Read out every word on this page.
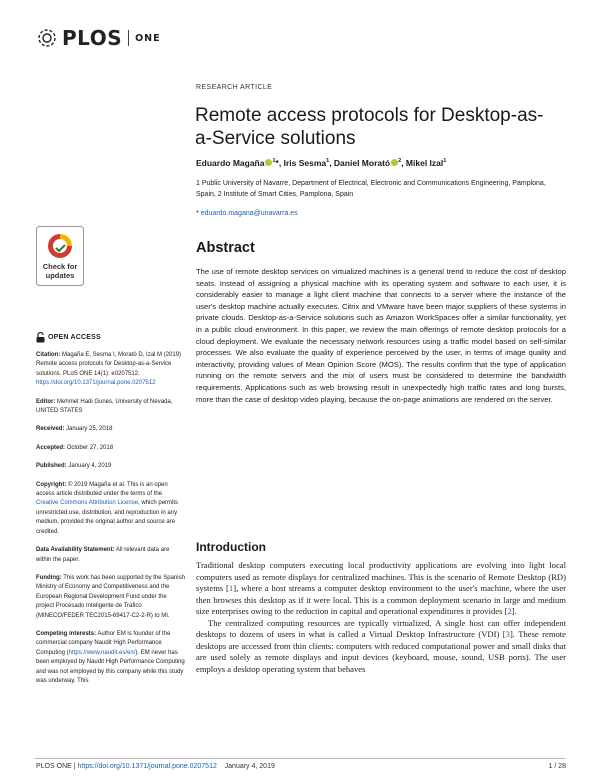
PLOS ONE
RESEARCH ARTICLE
Remote access protocols for Desktop-as-a-Service solutions
Eduardo Magaña $^1$*, Iris Sesma$^1$, Daniel Morató $^2$, Mikel Izal$^1$
1 Public University of Navarre, Department of Electrical, Electronic and Communications Engineering, Pamplona, Spain, 2 Institute of Smart Cities, Pamplona, Spain
* eduardo.magana@unavarra.es
Check for
updates
Abstract

The use of remote desktop services on virtualized machines is a general trend to reduce the cost of desktop seats. Instead of assigning a physical machine with its operating system and software to each user, it is considerably easier to manage a light client machine that connects to a server where the instance of the user's desktop machine actually executes. Citrix and VMware have been major suppliers of these systems in private clouds. Desktop-as-a-Service solutions such as Amazon WorkSpaces offer a similar functionality, yet in a public cloud environment. In this paper, we review the main offerings of remote desktop protocols for a cloud deployment. We evaluate the necessary network resources using a traffic model based on self-similar processes. We also evaluate the quality of experience perceived by the user, in terms of image quality and interactivity, providing values of Mean Opinion Score (MOS). The results confirm that the type of application running on the remote servers and the mix of users must be considered to determine the bandwidth requirements. Applications such as web browsing result in unexpectedly high traffic rates and long bursts, more than the case of desktop video playing, because the on-page animations are rendered on the server.

OPEN ACCESS
Citation: Magaña E, Sesma I, Morató D, Izal M (2019) Remote access protocols for Desktop-as-a-Service solutions. PLoS ONE 14(1): e0207512. https://doi.org/10.1371/journal.pone.0207512
Editor: Mehmet Hadi Gunes, University of Nevada, UNITED STATES
Received: January 25, 2018
Accepted: October 27, 2018
Published: January 4, 2019
Copyright: © 2019 Magaña et al. This is an open access article distributed under the terms of the Creative Commons Attribution License, which permits unrestricted use, distribution, and reproduction in any medium, provided the original author and source are credited.
Data Availability Statement: All relevant data are within the paper.
Funding: This work has been supported by the Spanish Ministry of Economy and Competitiveness and the European Regional Development Fund under the project Procesado Inteligente de Trafico (MINECO/FEDER TEC2015-69417-C2-2-R) to MI.
Competing interests: Author EM is founder of the commercial company Naudit High Performance Computing (https://www.naudit.es/en/). EM never has been employed by Naudit High Performance Computing and was not employed by this company while this study was underway. This
Introduction

Traditional desktop computers executing local productivity applications are evolving into light local computers used as remote displays for centralized machines. This is the scenario of Remote Desktop (RD) systems [1], where a host streams a computer desktop environment to the user's machine, where the user then browses this desktop as if it were local. This is a common deployment scenario in large and medium size enterprises owing to the reduction in capital and operational expenditures it provides [2].

The centralized computing resources are typically virtualized. A single host can offer independent desktops to dozens of users in what is called a Virtual Desktop Infrastructure (VDI) [3]. These remote desktops are accessed from thin clients: computers with reduced computational power and small disks that are used solely as remote displays and input devices (keyboard, mouse, sound, USB ports). The user employs a desktop operating system that behaves

PLOS ONE | https://doi.org/10.1371/journal.pone.0207512 January 4, 2019	1 / 28
